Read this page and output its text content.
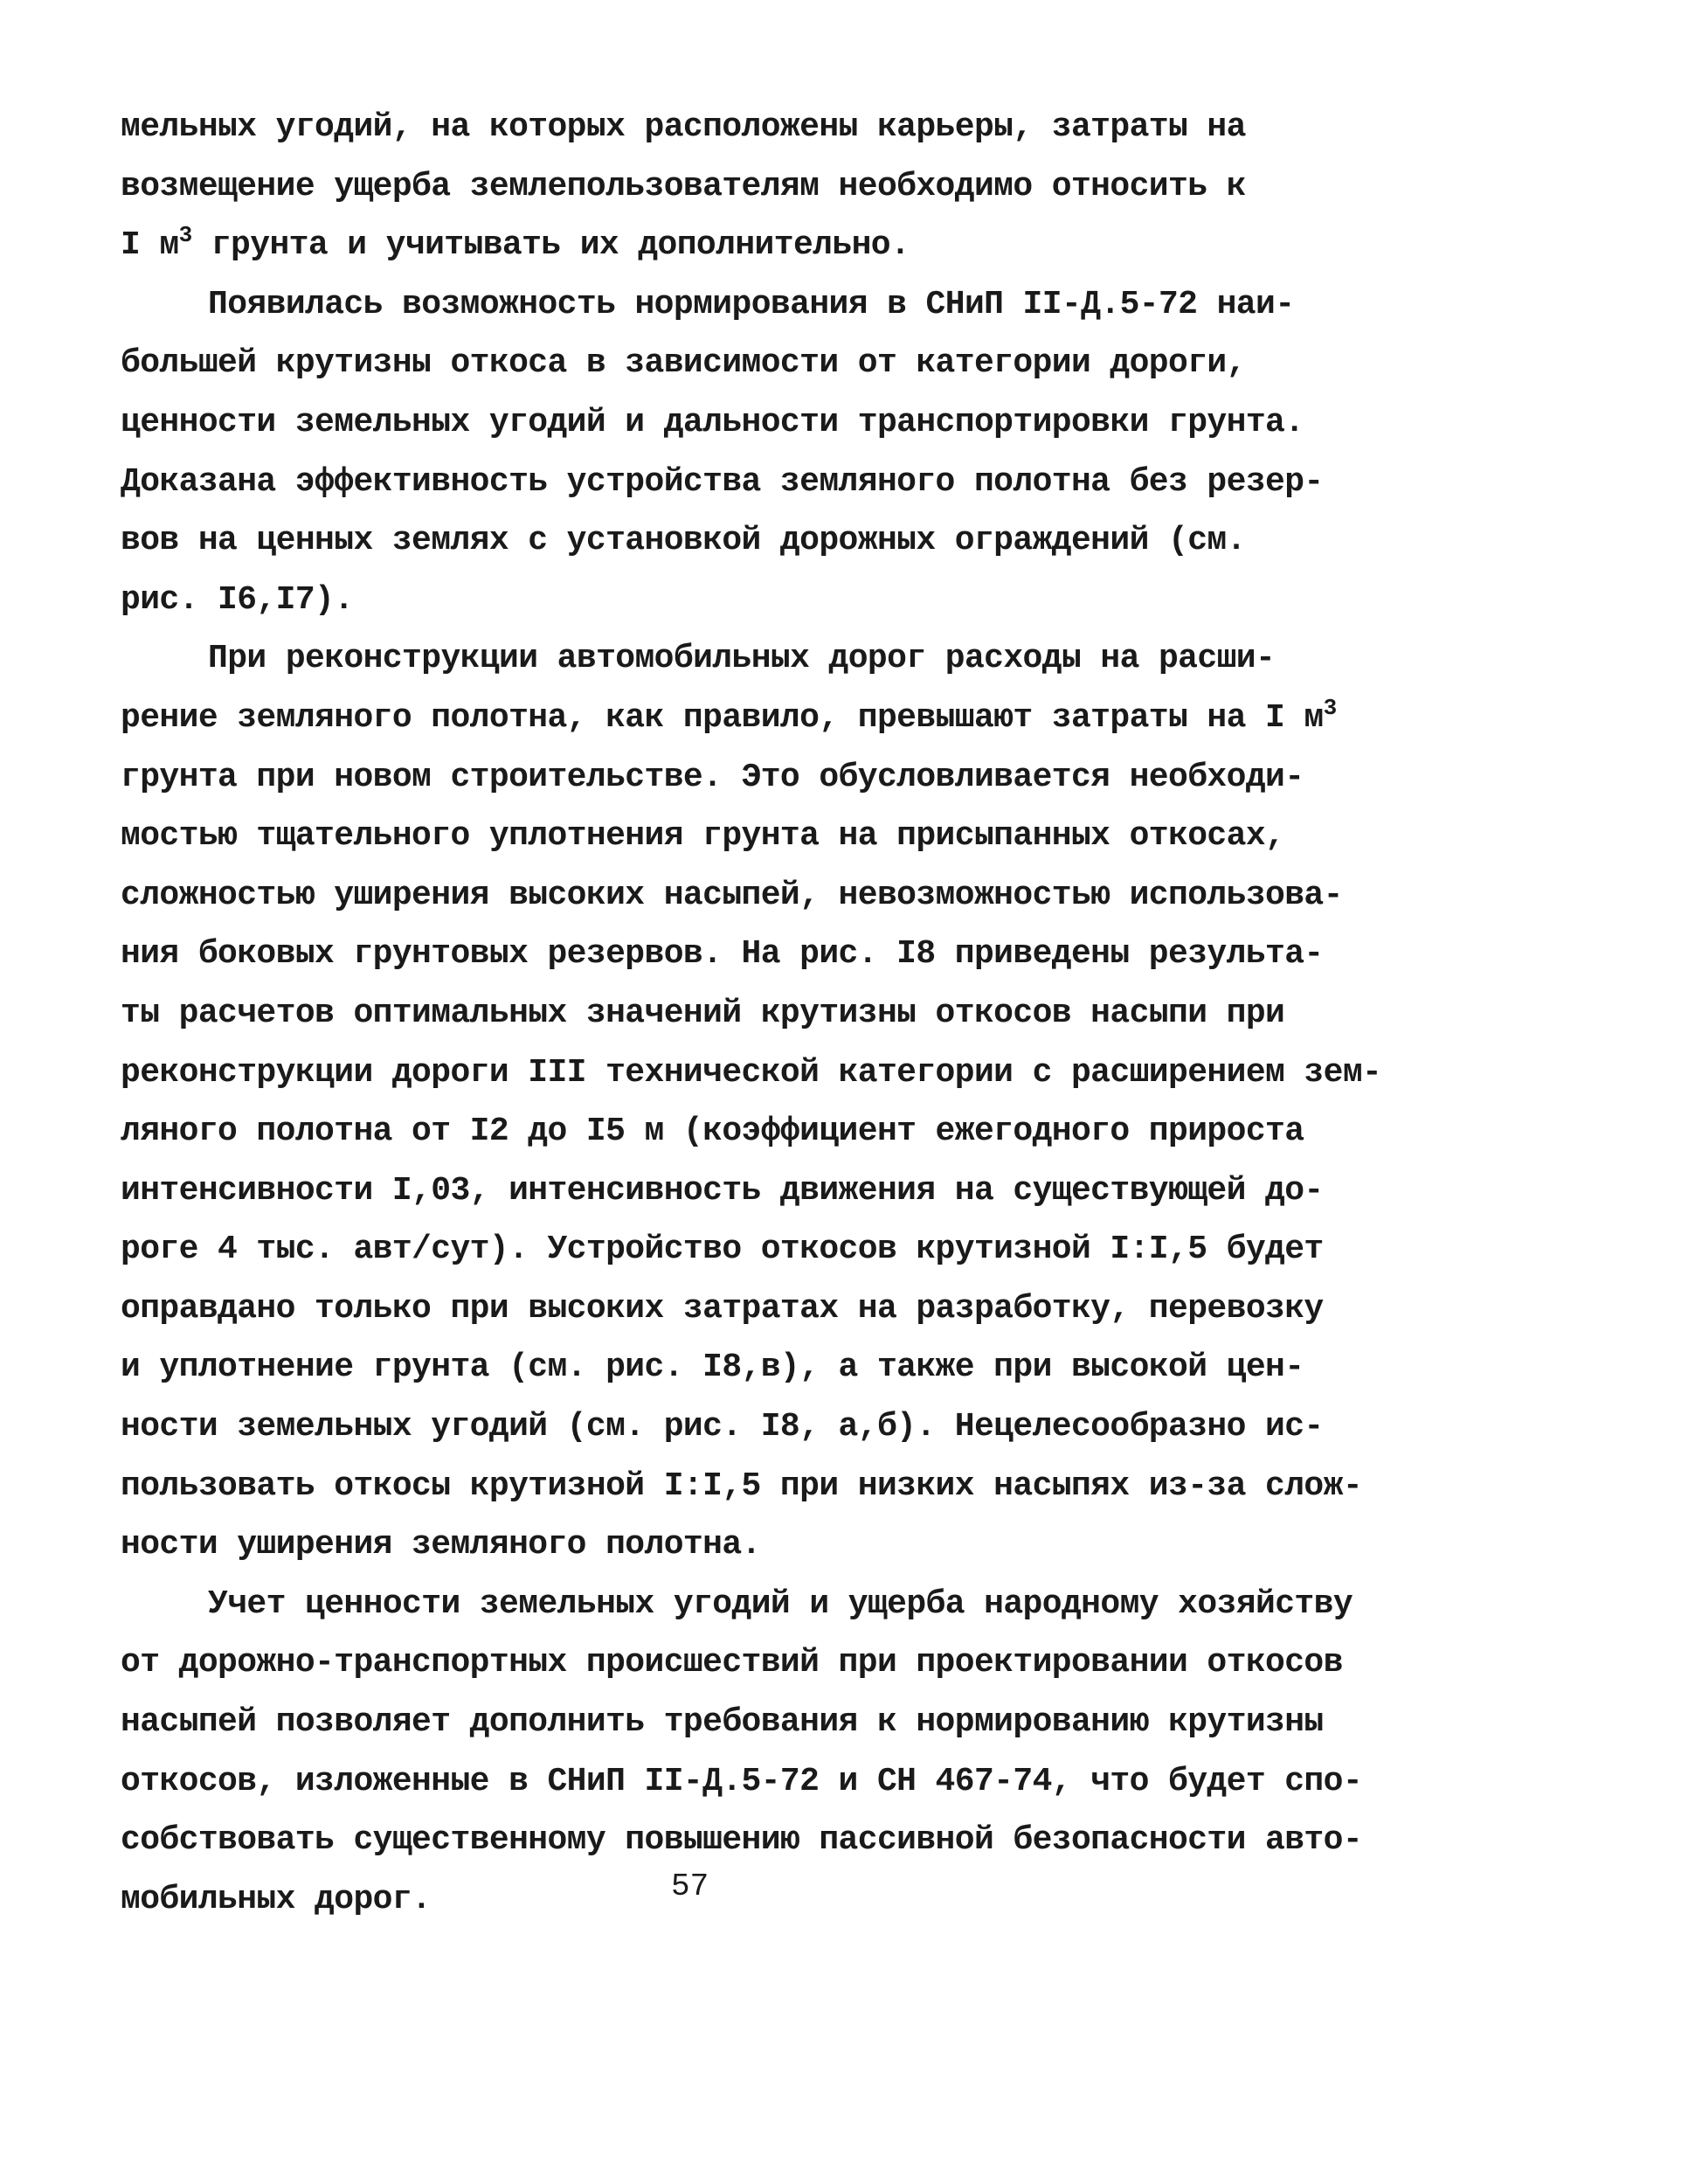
мельных угодий, на которых расположены карьеры, затраты на
возмещение ущерба землепользователям необходимо относить к
I $м^3$ грунта и учитывать их дополнительно.
Появилась возможность нормирования в СНиП II-Д.5-72 наи-
большей крутизны откоса в зависимости от категории дороги,
ценности земельных угодий и дальности транспортировки грунта.
Доказана эффективность устройства земляного полотна без резер-
вов на ценных землях с установкой дорожных ограждений (см.
рис. I6,I7).
При реконструкции автомобильных дорог расходы на расши-
рение земляного полотна, как правило, превышают затраты на I $м^3$
грунта при новом строительстве. Это обусловливается необходи-
мостью тщательного уплотнения грунта на присыпанных откосах,
сложностью уширения высоких насыпей, невозможностью использова-
ния боковых грунтовых резервов. На рис. I8 приведены результа-
ты расчетов оптимальных значений крутизны откосов насыпи при
реконструкции дороги III технической категории с расширением зем-
ляного полотна от I2 до I5 м (коэффициент ежегодного прироста
интенсивности I,03, интенсивность движения на существующей до-
роге 4 тыс. авт/сут). Устройство откосов крутизной I:I,5 будет
оправдано только при высоких затратах на разработку, перевозку
и уплотнение грунта (см. рис. I8,в), а также при высокой цен-
ности земельных угодий (см. рис. I8, а,б). Нецелесообразно ис-
пользовать откосы крутизной I:I,5 при низких насыпях из-за слож-
ности уширения земляного полотна.
Учет ценности земельных угодий и ущерба народному хозяйству
от дорожно-транспортных происшествий при проектировании откосов
насыпей позволяет дополнить требования к нормированию крутизны
откосов, изложенные в СНиП II-Д.5-72 и СН 467-74, что будет спо-
собствовать существенному повышению пассивной безопасности авто-
мобильных дорог.	57
